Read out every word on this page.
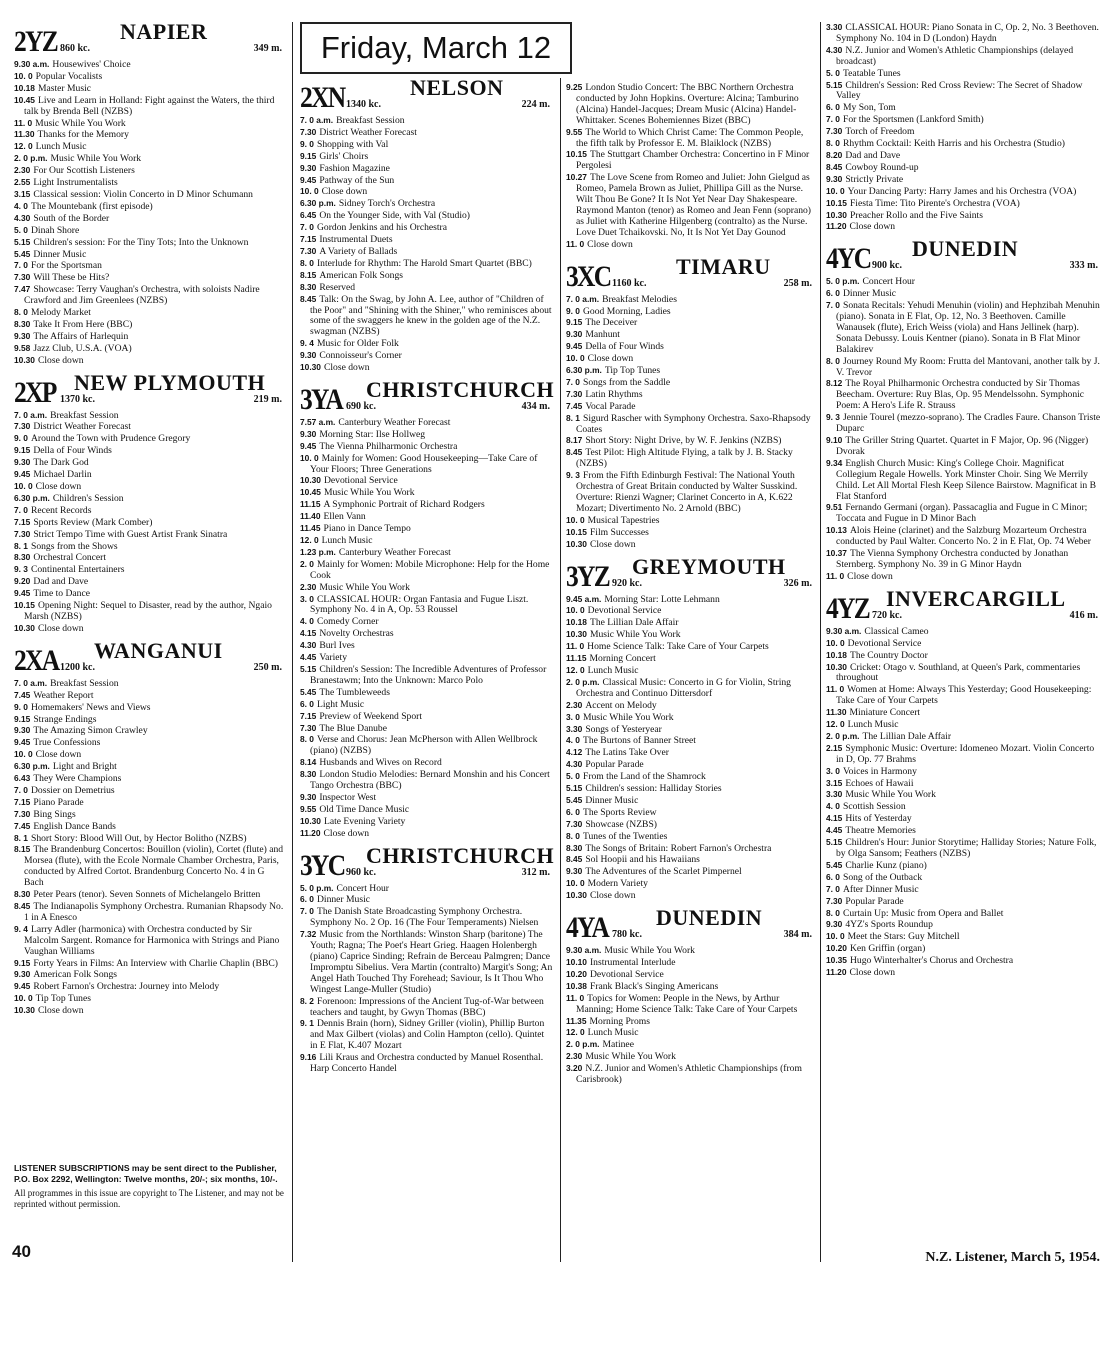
Friday, March 12
2YZ 860 kc.
NAPIER
349 m.

9.30 a.m. Housewives' Choice

10. 0 Popular Vocalists

10.18 Master Music

10.45 Live and Learn in Holland: Fight against the Waters, the third talk by Brenda Bell (NZBS)

11. 0 Music While You Work

11.30 Thanks for the Memory

12. 0 Lunch Music

2. 0 p.m. Music While You Work

2.30 For Our Scottish Listeners

2.55 Light Instrumentalists

3.15 Classical session: Violin Concerto in D Minor Schumann

4. 0 The Mountebank (first episode)

4.30 South of the Border

5. 0 Dinah Shore

5.15 Children's session: For the Tiny Tots; Into the Unknown

5.45 Dinner Music

7. 0 For the Sportsman

7.30 Will These be Hits?

7.47 Showcase: Terry Vaughan's Orchestra, with soloists Nadire Crawford and Jim Greenlees (NZBS)

8. 0 Melody Market

8.30 Take It From Here (BBC)

9.30 The Affairs of Harlequin

9.58 Jazz Club, U.S.A. (VOA)

10.30 Close down

2XP 1370 kc.
NEW PLYMOUTH
219 m.

7. 0 a.m. Breakfast Session

7.30 District Weather Forecast

9. 0 Around the Town with Prudence Gregory

9.15 Della of Four Winds

9.30 The Dark God

9.45 Michael Darlin

10. 0 Close down

6.30 p.m. Children's Session

7. 0 Recent Records

7.15 Sports Review (Mark Comber)

7.30 Strict Tempo Time with Guest Artist Frank Sinatra

8. 1 Songs from the Shows

8.30 Orchestral Concert

9. 3 Continental Entertainers

9.20 Dad and Dave

9.45 Time to Dance

10.15 Opening Night: Sequel to Disaster, read by the author, Ngaio Marsh (NZBS)

10.30 Close down

2XA 1200 kc.
WANGANUI
250 m.

7. 0 a.m. Breakfast Session

7.45 Weather Report

9. 0 Homemakers' News and Views

9.15 Strange Endings

9.30 The Amazing Simon Crawley

9.45 True Confessions

10. 0 Close down

6.30 p.m. Light and Bright

6.43 They Were Champions

7. 0 Dossier on Demetrius

7.15 Piano Parade

7.30 Bing Sings

7.45 English Dance Bands

8. 1 Short Story: Blood Will Out, by Hector Bolitho (NZBS)

8.15 The Brandenburg Concertos: Bouillon (violin), Cortet (flute) and Morsea (flute), with the Ecole Normale Chamber Orchestra, Paris, conducted by Alfred Cortot. Brandenburg Concerto No. 4 in G Bach

8.30 Peter Pears (tenor). Seven Sonnets of Michelangelo Britten

8.45 The Indianapolis Symphony Orchestra. Rumanian Rhapsody No. 1 in A Enesco

9. 4 Larry Adler (harmonica) with Orchestra conducted by Sir Malcolm Sargent. Romance for Harmonica with Strings and Piano Vaughan Williams

9.15 Forty Years in Films: An Interview with Charlie Chaplin (BBC)

9.30 American Folk Songs

9.45 Robert Farnon's Orchestra: Journey into Melody

10. 0 Tip Top Tunes

10.30 Close down

2XN 1340 kc.
NELSON
224 m.

7. 0 a.m. Breakfast Session

7.30 District Weather Forecast

9. 0 Shopping with Val

9.15 Girls' Choirs

9.30 Fashion Magazine

9.45 Pathway of the Sun

10. 0 Close down

6.30 p.m. Sidney Torch's Orchestra

6.45 On the Younger Side, with Val (Studio)

7. 0 Gordon Jenkins and his Orchestra

7.15 Instrumental Duets

7.30 A Variety of Ballads

8. 0 Interlude for Rhythm: The Harold Smart Quartet (BBC)

8.15 American Folk Songs

8.30 Reserved

8.45 Talk: On the Swag, by John A. Lee, author of "Children of the Poor" and "Shining with the Shiner," who reminisces about some of the swaggers he knew in the golden age of the N.Z. swagman (NZBS)

9. 4 Music for Older Folk

9.30 Connoisseur's Corner

10.30 Close down

3YA 690 kc.
CHRISTCHURCH
434 m.

7.57 a.m. Canterbury Weather Forecast

9.30 Morning Star: Ilse Hollweg

9.45 The Vienna Philharmonic Orchestra

10. 0 Mainly for Women: Good Housekeeping—Take Care of Your Floors; Three Generations

10.30 Devotional Service

10.45 Music While You Work

11.15 A Symphonic Portrait of Richard Rodgers

11.40 Ellen Vann

11.45 Piano in Dance Tempo

12. 0 Lunch Music

1.23 p.m. Canterbury Weather Forecast

2. 0 Mainly for Women: Mobile Microphone: Help for the Home Cook

2.30 Music While You Work

3. 0 CLASSICAL HOUR: Organ Fantasia and Fugue Liszt. Symphony No. 4 in A, Op. 53 Roussel

4. 0 Comedy Corner

4.15 Novelty Orchestras

4.30 Burl Ives

4.45 Variety

5.15 Children's Session: The Incredible Adventures of Professor Branestawm; Into the Unknown: Marco Polo

5.45 The Tumbleweeds

6. 0 Light Music

7.15 Preview of Weekend Sport

7.30 The Blue Danube

8. 0 Verse and Chorus: Jean McPherson with Allen Wellbrock (piano) (NZBS)

8.14 Husbands and Wives on Record

8.30 London Studio Melodies: Bernard Monshin and his Concert Tango Orchestra (BBC)

9.30 Inspector West

9.55 Old Time Dance Music

10.30 Late Evening Variety

11.20 Close down

3YC 960 kc.
CHRISTCHURCH
312 m.

5. 0 p.m. Concert Hour

6. 0 Dinner Music

7. 0 The Danish State Broadcasting Symphony Orchestra. Symphony No. 2 Op. 16 (The Four Temperaments) Nielsen

7.32 Music from the Northlands: Winston Sharp (baritone) The Youth; Ragna; The Poet's Heart Grieg. Haagen Holenbergh (piano) Caprice Sinding; Refrain de Berceau Palmgren; Dance Impromptu Sibelius. Vera Martin (contralto) Margit's Song; An Angel Hath Touched Thy Forehead; Saviour, Is It Thou Who Wingest Lange-Muller (Studio)

8. 2 Forenoon: Impressions of the Ancient Tug-of-War between teachers and taught, by Gwyn Thomas (BBC)

9. 1 Dennis Brain (horn), Sidney Griller (violin), Phillip Burton and Max Gilbert (violas) and Colin Hampton (cello). Quintet in E Flat, K.407 Mozart

9.16 Lili Kraus and Orchestra conducted by Manuel Rosenthal. Harp Concerto Handel

9.25 London Studio Concert: The BBC Northern Orchestra conducted by John Hopkins. Overture: Alcina; Tamburino (Alcina) Handel-Jacques; Dream Music (Alcina) Handel-Whittaker. Scenes Bohemiennes Bizet (BBC)

9.55 The World to Which Christ Came: The Common People, the fifth talk by Professor E. M. Blaiklock (NZBS)

10.15 The Stuttgart Chamber Orchestra: Concertino in F Minor Pergolesi

10.27 The Love Scene from Romeo and Juliet: John Gielgud as Romeo, Pamela Brown as Juliet, Phillipa Gill as the Nurse. Wilt Thou Be Gone? It Is Not Yet Near Day Shakespeare. Raymond Manton (tenor) as Romeo and Jean Fenn (soprano) as Juliet with Katherine Hilgenberg (contralto) as the Nurse. Love Duet Tchaikovski. No, It Is Not Yet Day Gounod

11. 0 Close down

3XC 1160 kc.
TIMARU
258 m.

7. 0 a.m. Breakfast Melodies

9. 0 Good Morning, Ladies

9.15 The Deceiver

9.30 Manhunt

9.45 Della of Four Winds

10. 0 Close down

6.30 p.m. Tip Top Tunes

7. 0 Songs from the Saddle

7.30 Latin Rhythms

7.45 Vocal Parade

8. 1 Sigurd Rascher with Symphony Orchestra. Saxo-Rhapsody Coates

8.17 Short Story: Night Drive, by W. F. Jenkins (NZBS)

8.45 Test Pilot: High Altitude Flying, a talk by J. B. Stacky (NZBS)

9. 3 From the Fifth Edinburgh Festival: The National Youth Orchestra of Great Britain conducted by Walter Susskind. Overture: Rienzi Wagner; Clarinet Concerto in A, K.622 Mozart; Divertimento No. 2 Arnold (BBC)

10. 0 Musical Tapestries

10.15 Film Successes

10.30 Close down

3YZ 920 kc.
GREYMOUTH
326 m.

9.45 a.m. Morning Star: Lotte Lehmann

10. 0 Devotional Service

10.18 The Lillian Dale Affair

10.30 Music While You Work

11. 0 Home Science Talk: Take Care of Your Carpets

11.15 Morning Concert

12. 0 Lunch Music

2. 0 p.m. Classical Music: Concerto in G for Violin, String Orchestra and Continuo Dittersdorf

2.30 Accent on Melody

3. 0 Music While You Work

3.30 Songs of Yesteryear

4. 0 The Burtons of Banner Street

4.12 The Latins Take Over

4.30 Popular Parade

5. 0 From the Land of the Shamrock

5.15 Children's session: Halliday Stories

5.45 Dinner Music

6. 0 The Sports Review

7.30 Showcase (NZBS)

8. 0 Tunes of the Twenties

8.30 The Songs of Britain: Robert Farnon's Orchestra

8.45 Sol Hoopii and his Hawaiians

9.30 The Adventures of the Scarlet Pimpernel

10. 0 Modern Variety

10.30 Close down

4YA 780 kc.
DUNEDIN
384 m.

9.30 a.m. Music While You Work

10.10 Instrumental Interlude

10.20 Devotional Service

10.38 Frank Black's Singing Americans

11. 0 Topics for Women: People in the News, by Arthur Manning; Home Science Talk: Take Care of Your Carpets

11.35 Morning Proms

12. 0 Lunch Music

2. 0 p.m. Matinee

2.30 Music While You Work

3.20 N.Z. Junior and Women's Athletic Championships (from Carisbrook)

3.30 CLASSICAL HOUR: Piano Sonata in C, Op. 2, No. 3 Beethoven. Symphony No. 104 in D (London) Haydn

4.30 N.Z. Junior and Women's Athletic Championships (delayed broadcast)

5. 0 Teatable Tunes

5.15 Children's Session: Red Cross Review: The Secret of Shadow Valley

6. 0 My Son, Tom

7. 0 For the Sportsmen (Lankford Smith)

7.30 Torch of Freedom

8. 0 Rhythm Cocktail: Keith Harris and his Orchestra (Studio)

8.20 Dad and Dave

8.45 Cowboy Round-up

9.30 Strictly Private

10. 0 Your Dancing Party: Harry James and his Orchestra (VOA)

10.15 Fiesta Time: Tito Pirente's Orchestra (VOA)

10.30 Preacher Rollo and the Five Saints

11.20 Close down

4YC 900 kc.
DUNEDIN
333 m.

5. 0 p.m. Concert Hour

6. 0 Dinner Music

7. 0 Sonata Recitals: Yehudi Menuhin (violin) and Hephzibah Menuhin (piano). Sonata in E Flat, Op. 12, No. 3 Beethoven. Camille Wanausek (flute), Erich Weiss (viola) and Hans Jellinek (harp). Sonata Debussy. Louis Kentner (piano). Sonata in B Flat Minor Balakirev

8. 0 Journey Round My Room: Frutta del Mantovani, another talk by J. V. Trevor

8.12 The Royal Philharmonic Orchestra conducted by Sir Thomas Beecham. Overture: Ruy Blas, Op. 95 Mendelssohn. Symphonic Poem: A Hero's Life R. Strauss

9. 3 Jennie Tourel (mezzo-soprano). The Cradles Faure. Chanson Triste Duparc

9.10 The Griller String Quartet. Quartet in F Major, Op. 96 (Nigger) Dvorak

9.34 English Church Music: King's College Choir. Magnificat Collegium Regale Howells. York Minster Choir. Sing We Merrily Child. Let All Mortal Flesh Keep Silence Bairstow. Magnificat in B Flat Stanford

9.51 Fernando Germani (organ). Passacaglia and Fugue in C Minor; Toccata and Fugue in D Minor Bach

10.13 Alois Heine (clarinet) and the Salzburg Mozarteum Orchestra conducted by Paul Walter. Concerto No. 2 in E Flat, Op. 74 Weber

10.37 The Vienna Symphony Orchestra conducted by Jonathan Sternberg. Symphony No. 39 in G Minor Haydn

11. 0 Close down

4YZ 720 kc.
INVERCARGILL
416 m.

9.30 a.m. Classical Cameo

10. 0 Devotional Service

10.18 The Country Doctor

10.30 Cricket: Otago v. Southland, at Queen's Park, commentaries throughout

11. 0 Women at Home: Always This Yesterday; Good Housekeeping: Take Care of Your Carpets

11.30 Miniature Concert

12. 0 Lunch Music

2. 0 p.m. The Lillian Dale Affair

2.15 Symphonic Music: Overture: Idomeneo Mozart. Violin Concerto in D, Op. 77 Brahms

3. 0 Voices in Harmony

3.15 Echoes of Hawaii

3.30 Music While You Work

4. 0 Scottish Session

4.15 Hits of Yesterday

4.45 Theatre Memories

5.15 Children's Hour: Junior Storytime; Halliday Stories; Nature Folk, by Olga Sansom; Feathers (NZBS)

5.45 Charlie Kunz (piano)

6. 0 Song of the Outback

7. 0 After Dinner Music

7.30 Popular Parade

8. 0 Curtain Up: Music from Opera and Ballet

9.30 4YZ's Sports Roundup

10. 0 Meet the Stars: Guy Mitchell

10.20 Ken Griffin (organ)

10.35 Hugo Winterhalter's Chorus and Orchestra

11.20 Close down

LISTENER SUBSCRIPTIONS may be sent direct to the Publisher, P.O. Box 2292, Wellington: Twelve months, 20/-; six months, 10/-.

All programmes in this issue are copyright to The Listener, and may not be reprinted without permission.

40	N.Z. Listener, March 5, 1954.
